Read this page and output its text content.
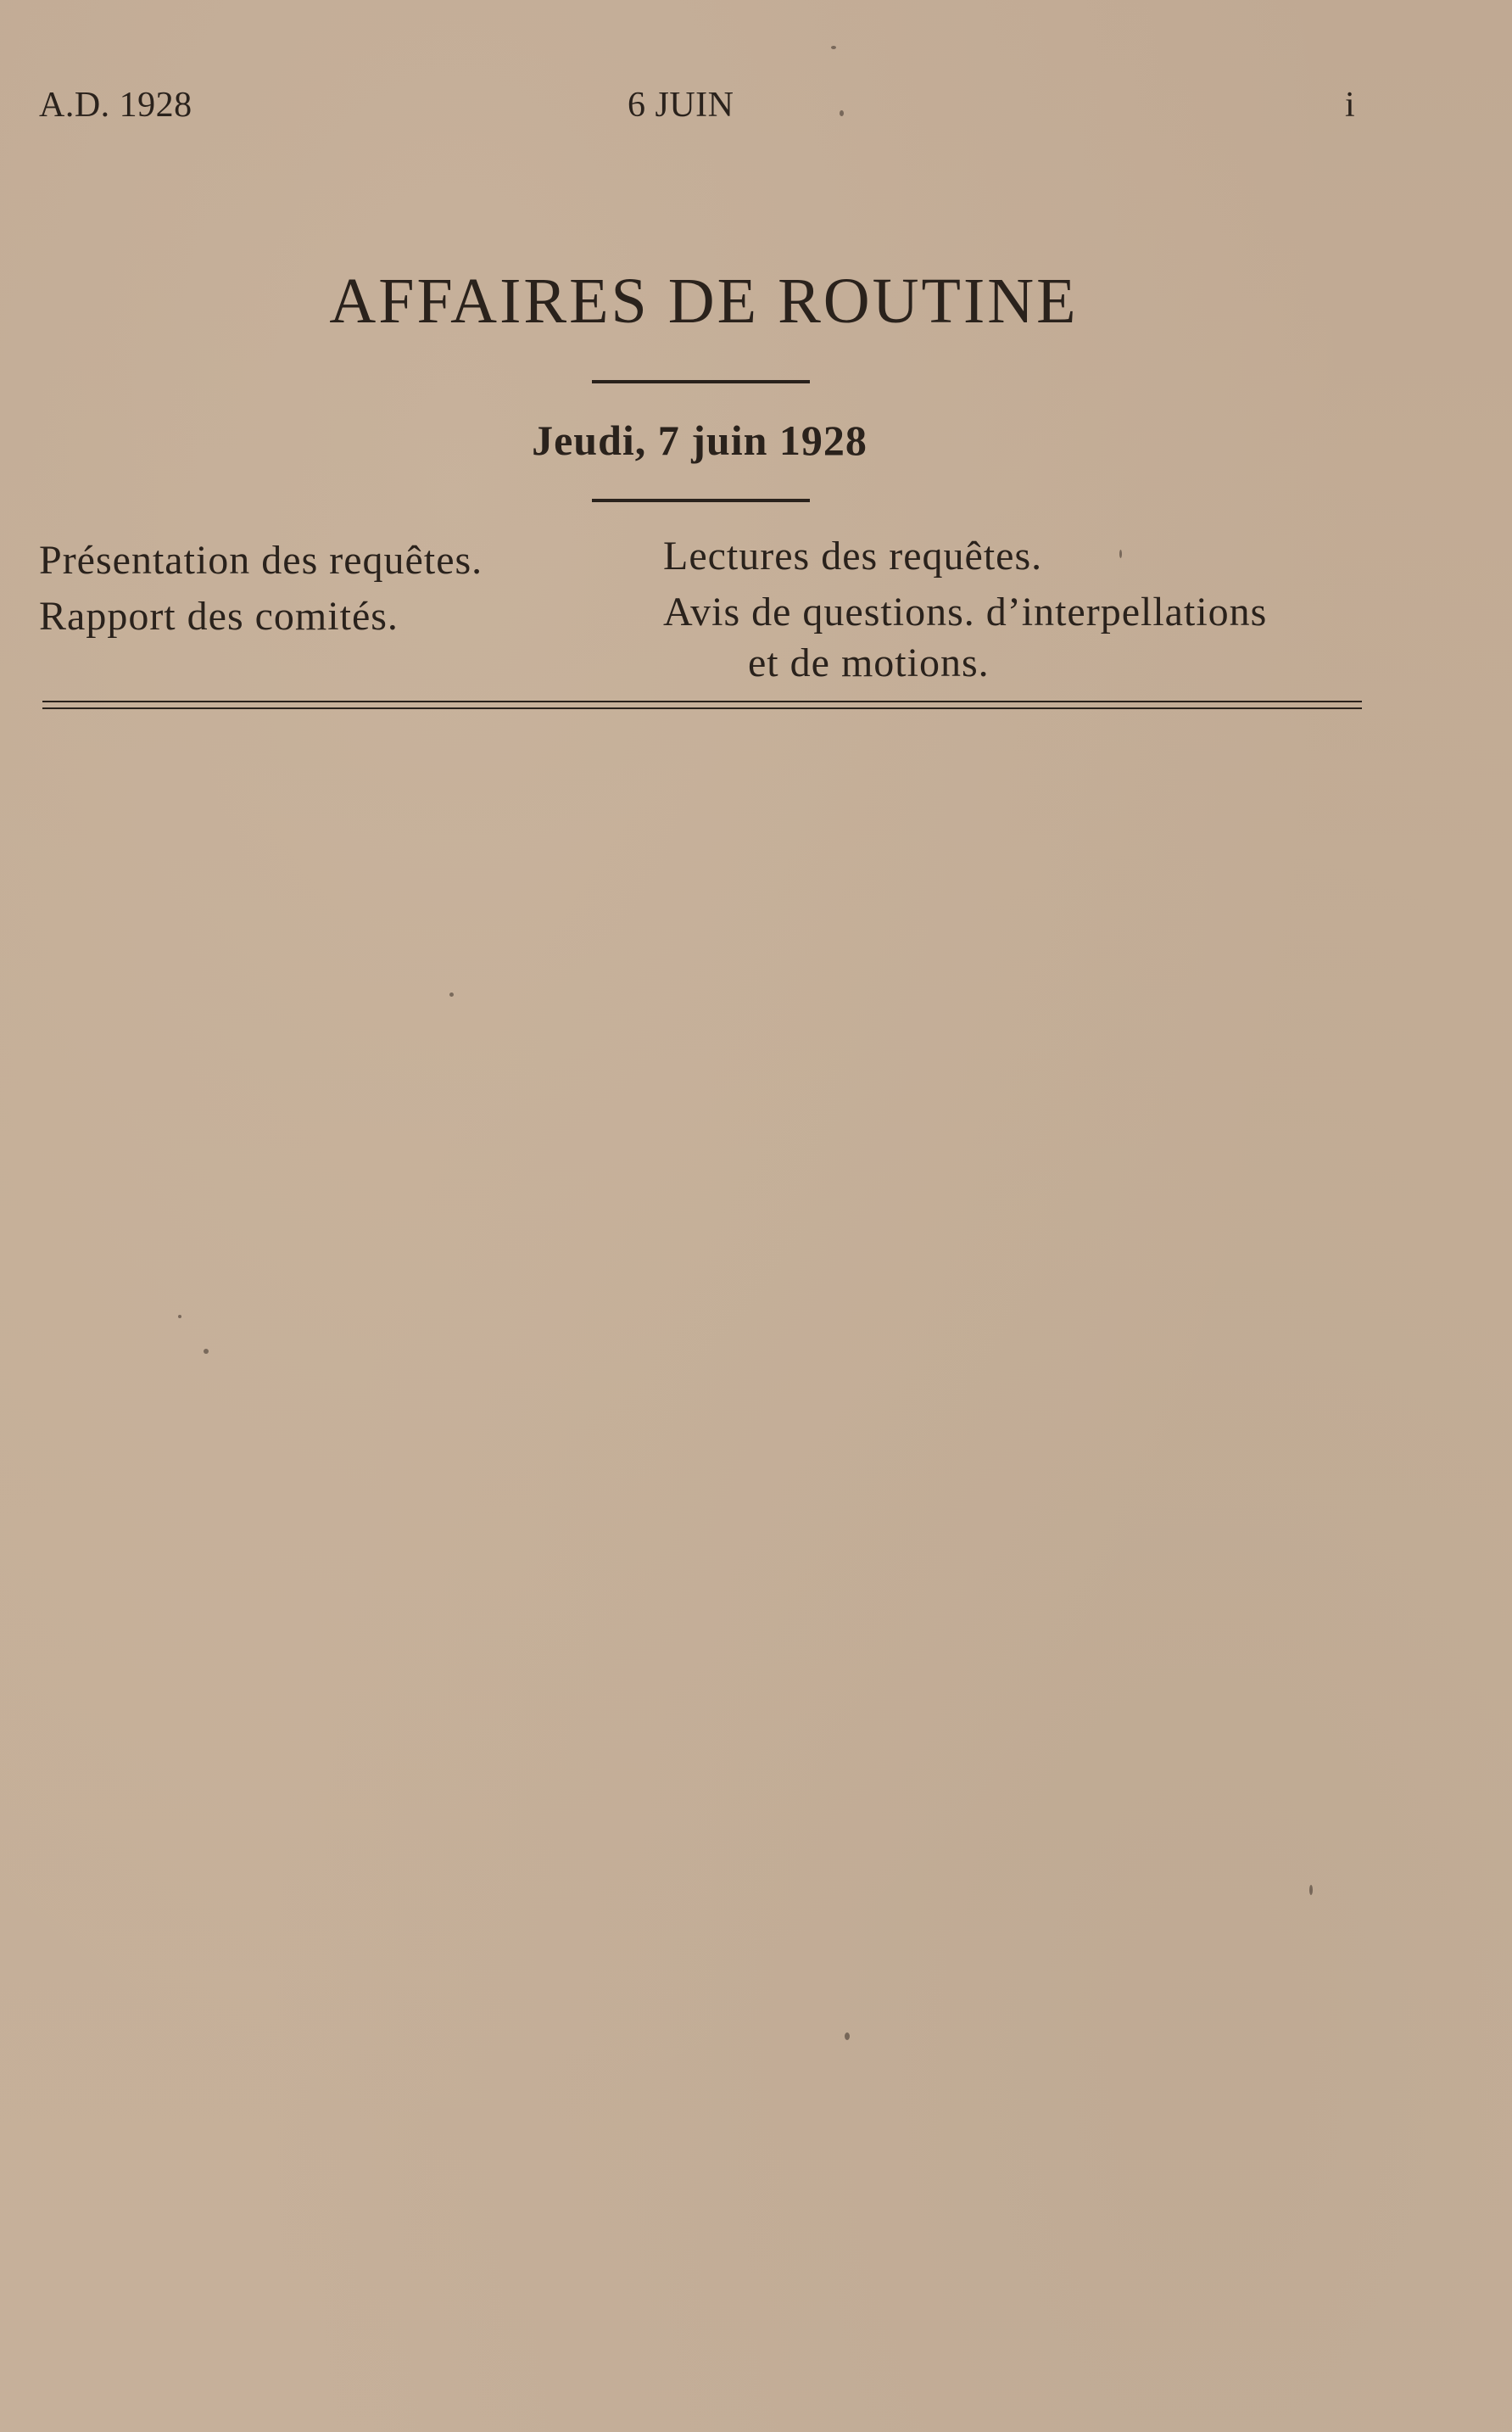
A.D. 1928	6 JUIN	i
AFFAIRES DE ROUTINE
Jeudi, 7 juin 1928
Présentation des requêtes.
Rapport des comités.
Lectures des requêtes.
Avis de questions. d’interpellations
et de motions.
